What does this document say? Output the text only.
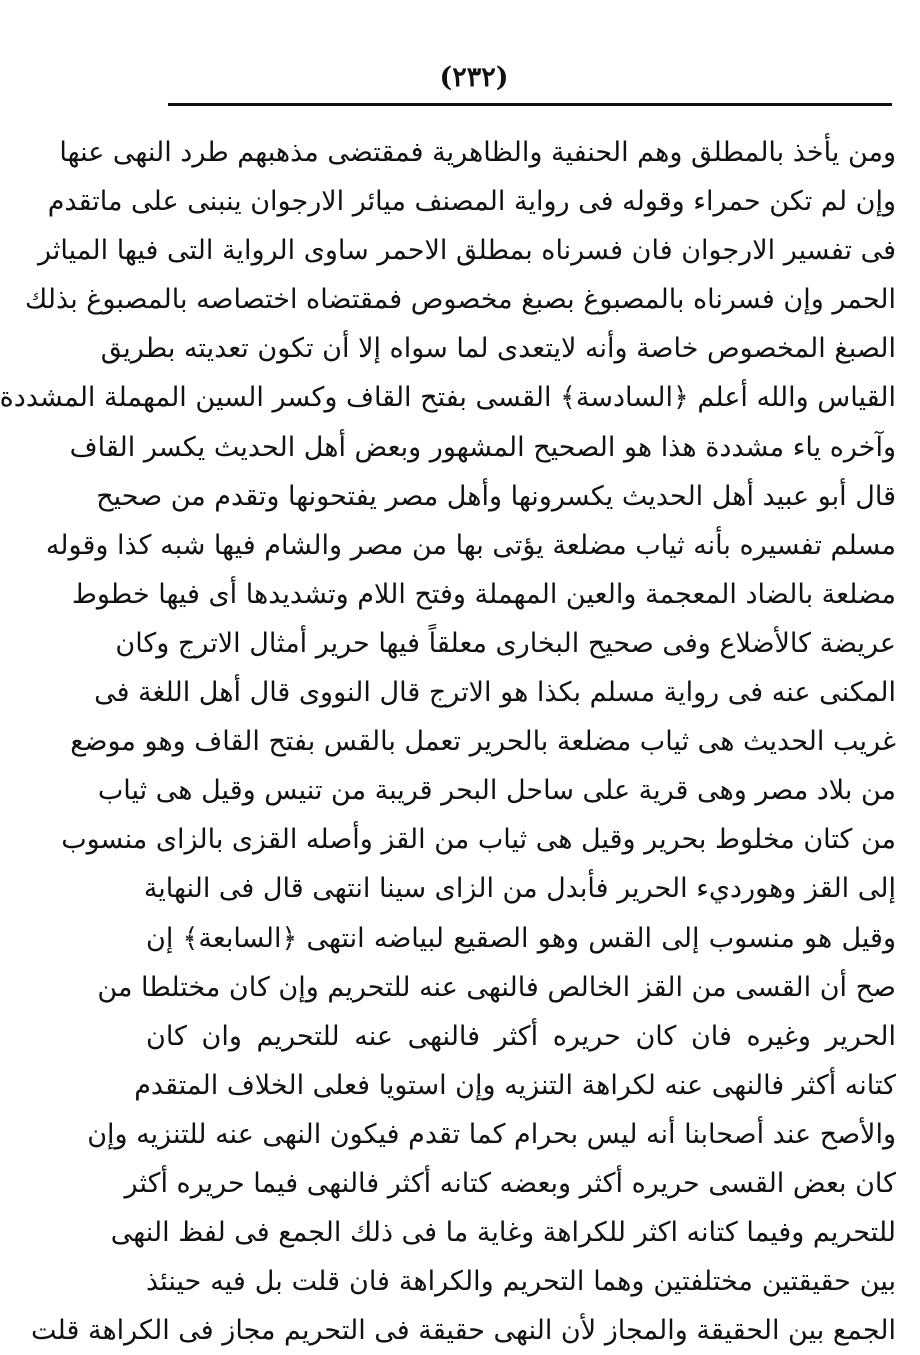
(٢٣٢)
ومن يأخذ بالمطلق وهم الحنفية والظاهرية فمقتضى مذهبهم طرد النهى عنها
وإن لم تكن حمراء وقوله فى رواية المصنف ميائر الارجوان ينبنى على ماتقدم
فى تفسير الارجوان فان فسرناه بمطلق الاحمر ساوى الرواية التى فيها المياثر
الحمر وإن فسرناه بالمصبوغ بصبغ مخصوص فمقتضاه اختصاصه بالمصبوغ بذلك
الصبغ المخصوص خاصة وأنه لايتعدى لما سواه إلا أن تكون تعديته بطريق
القياس والله أعلم ﴿السادسة﴾ القسى بفتح القاف وكسر السين المهملة المشددة
وآخره ياء مشددة هذا هو الصحيح المشهور وبعض أهل الحديث يكسر القاف
قال أبو عبيد أهل الحديث يكسرونها وأهل مصر يفتحونها وتقدم من صحيح
مسلم تفسيره بأنه ثياب مضلعة يؤتى بها من مصر والشام فيها شبه كذا وقوله
مضلعة بالضاد المعجمة والعين المهملة وفتح اللام وتشديدها أى فيها خطوط
عريضة كالأضلاع وفى صحيح البخارى معلقاً فيها حرير أمثال الاترج وكان
المكنى عنه فى رواية مسلم بكذا هو الاترج قال النووى قال أهل اللغة فى
غريب الحديث هى ثياب مضلعة بالحرير تعمل بالقس بفتح القاف وهو موضع
من بلاد مصر وهى قرية على ساحل البحر قريبة من تنيس وقيل هى ثياب
من كتان مخلوط بحرير وقيل هى ثياب من القز وأصله القزى بالزاى منسوب
إلى القز وهورديء الحرير فأبدل من الزاى سينا انتهى قال فى النهاية
وقيل هو منسوب إلى القس وهو الصقيع لبياضه انتهى ﴿السابعة﴾ إن
صح أن القسى من القز الخالص فالنهى عنه للتحريم وإن كان مختلطا من
الحرير وغيره فان كان حريره أكثر فالنهى عنه للتحريم وان كان
كتانه أكثر فالنهى عنه لكراهة التنزيه وإن استويا فعلى الخلاف المتقدم
والأصح عند أصحابنا أنه ليس بحرام كما تقدم فيكون النهى عنه للتنزيه وإن
كان بعض القسى حريره أكثر وبعضه كتانه أكثر فالنهى فيما حريره أكثر
للتحريم وفيما كتانه اكثر للكراهة وغاية ما فى ذلك الجمع فى لفظ النهى
بين حقيقتين مختلفتين وهما التحريم والكراهة فان قلت بل فيه حينئذ
الجمع بين الحقيقة والمجاز لأن النهى حقيقة فى التحريم مجاز فى الكراهة قلت
